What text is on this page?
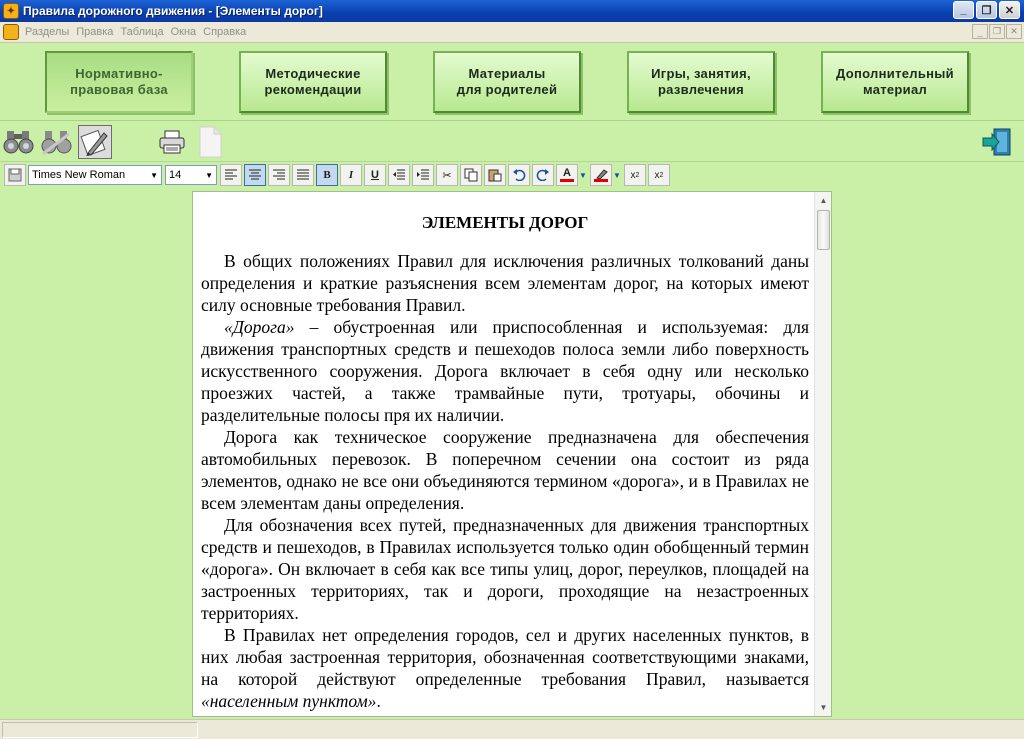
✦ Правила дорожного движения - [Элементы дорог]	_	❐	✕
Разделы Правка Таблица Окна Справка	_	❐	✕
Нормативно-
правовая база
Методические
рекомендации
Материалы
для родителей
Игры, занятия,
развлечения
Дополнительный
материал
Times New Roman	▼ 14	▼	B	I	U	✂	A	▼	▼ x 2	x 2
ЭЛЕМЕНТЫ ДОРОГ

В общих положениях Правил для исключения различных толкований даны определения и краткие разъяснения всем элементам дорог, на которых имеют силу основные требования Правил.

«Дорога» – обустроенная или приспособленная и используемая: для движения транспортных средств и пешеходов полоса земли либо поверхность искусственного сооружения. Дорога включает в себя одну или несколько проезжих частей, а также трамвайные пути, тротуары, обочины и разделительные полосы пря их наличии.

Дорога как техническое сооружение предназначена для обеспечения автомобильных перевозок. В поперечном сечении она состоит из ряда элементов, однако не все они объединяются термином «дорога», и в Правилах не всем элементам даны определения.

Для обозначения всех путей, предназначенных для движения транспортных средств и пешеходов, в Правилах используется только один обобщенный термин «дорога». Он включает в себя как все типы улиц, дорог, переулков, площадей на застроенных территориях, так и дороги, проходящие на незастроенных территориях.

В Правилах нет определения городов, сел и других населенных пунктов, в них любая застроенная территория, обозначенная соответствующими знаками, на которой действуют определенные требования Правил, называется «населенным пунктом».

▲
▼
